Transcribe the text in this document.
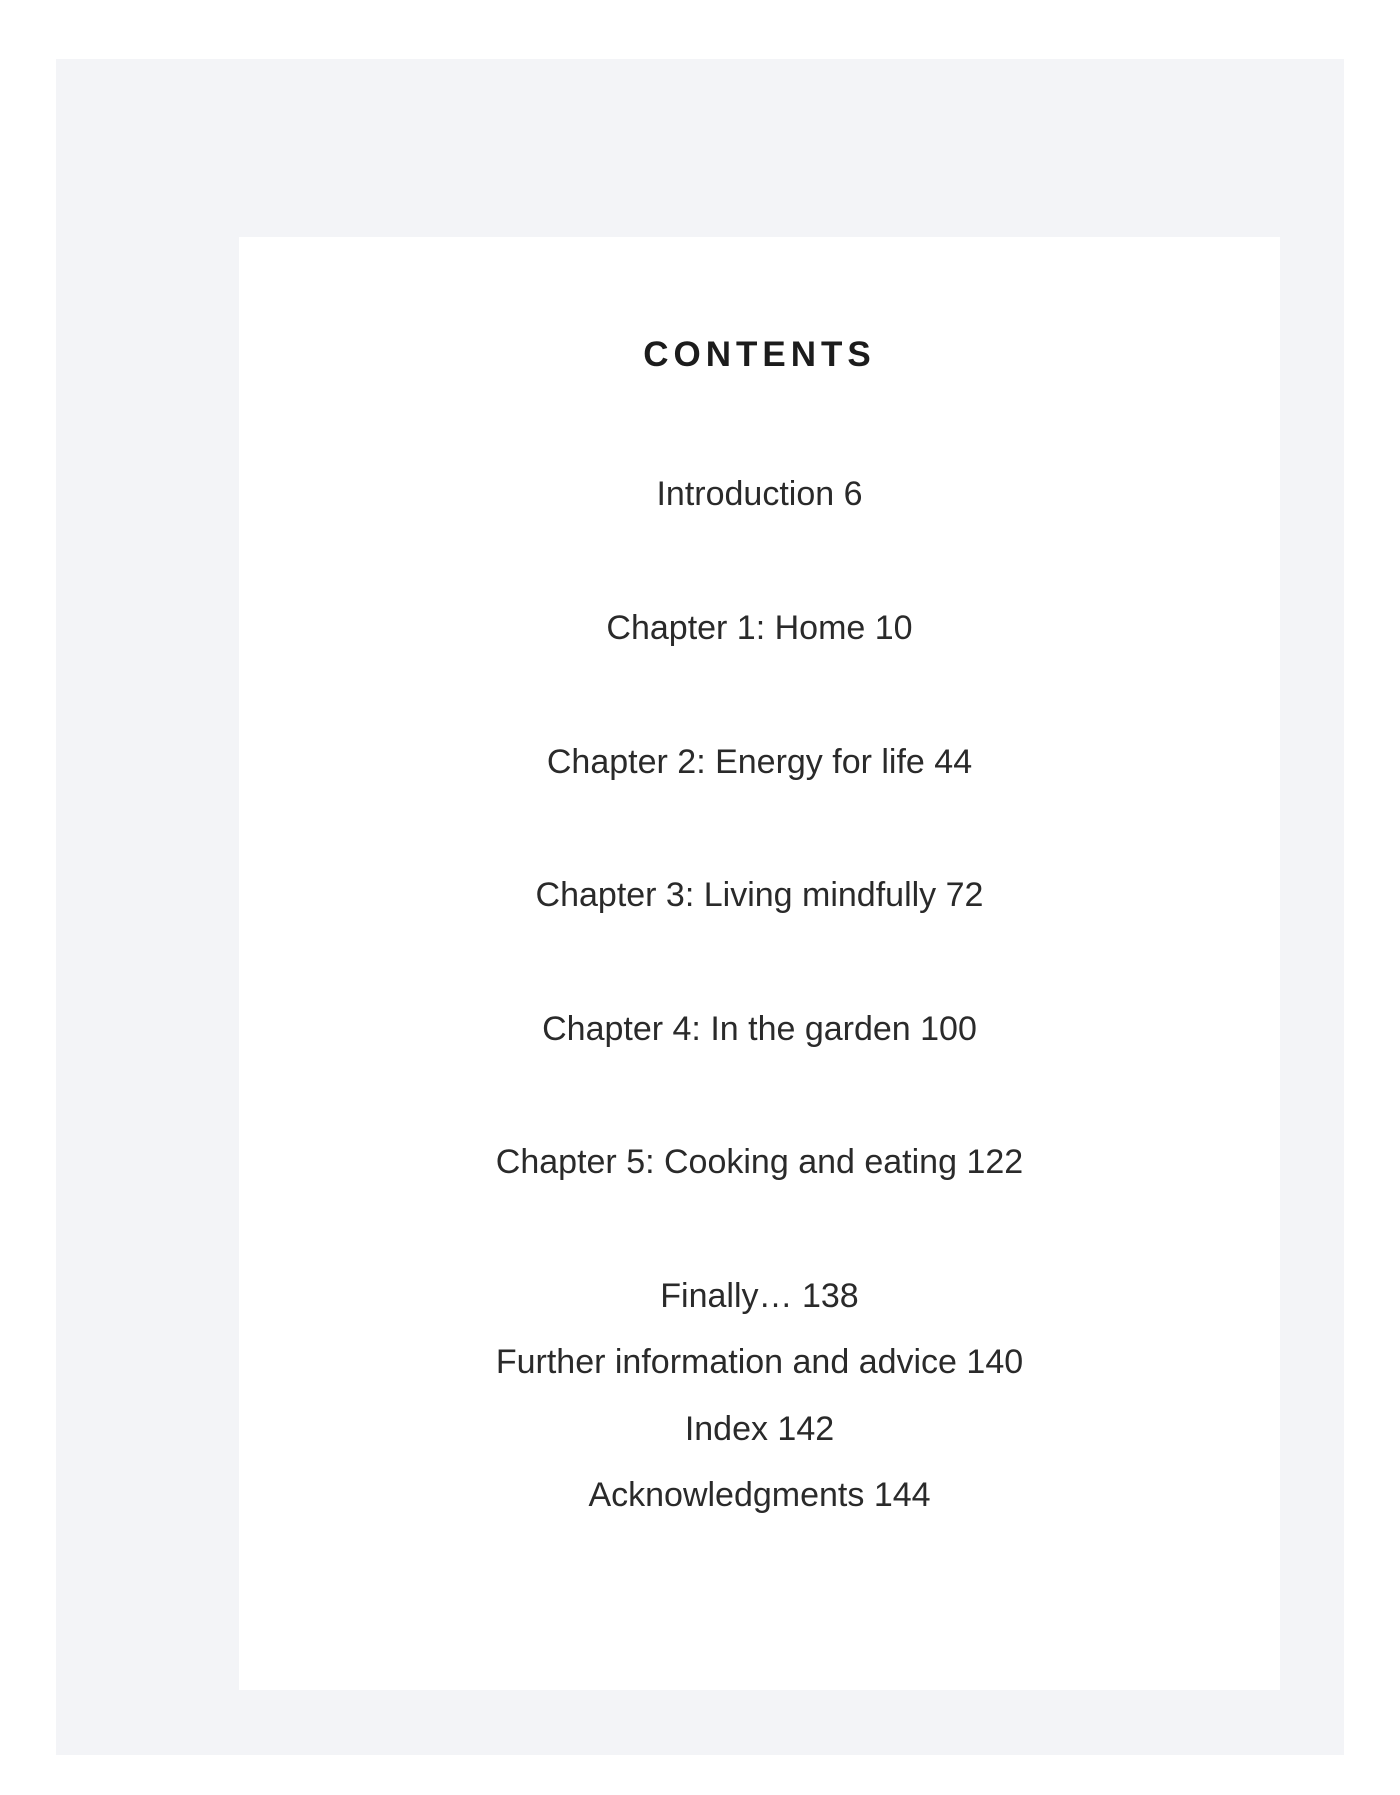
CONTENTS
Introduction 6
Chapter 1: Home 10
Chapter 2: Energy for life 44
Chapter 3: Living mindfully 72
Chapter 4: In the garden 100
Chapter 5: Cooking and eating 122
Finally… 138
Further information and advice 140
Index 142
Acknowledgments 144
